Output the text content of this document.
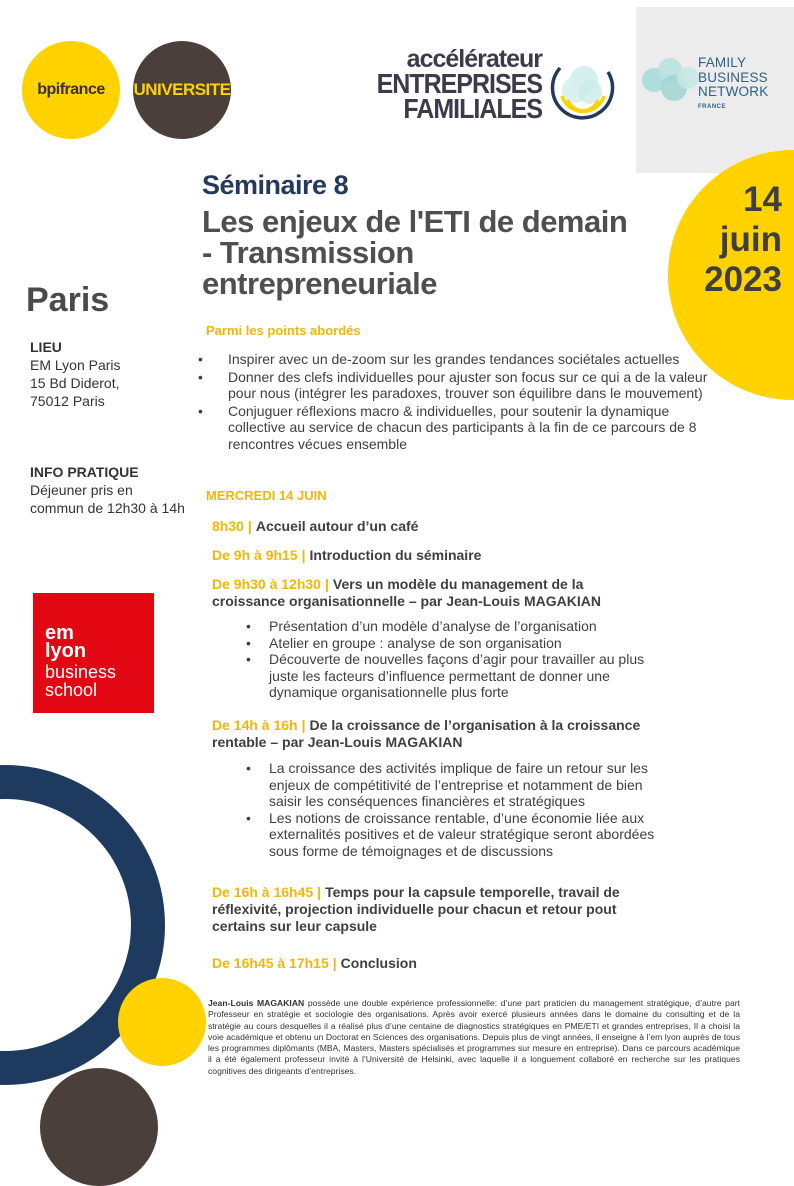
bpifrance UNIVERSITE
accélérateur
ENTREPRISES
FAMILIALES
FAMILY
BUSINESS
NETWORK
FRANCE
14
juin
2023
Séminaire 8
Les enjeux de l'ETI de demain - Transmission entrepreneuriale
Paris
LIEU
EM Lyon Paris
15 Bd Diderot,
75012 Paris
INFO PRATIQUE
Déjeuner pris en commun de 12h30 à 14h
em
lyon
business
school
Parmi les points abordés
• Inspirer avec un de-zoom sur les grandes tendances sociétales actuelles
• Donner des clefs individuelles pour ajuster son focus sur ce qui a de la valeur pour nous (intégrer les paradoxes, trouver son équilibre dans le mouvement)
• Conjuguer réflexions macro & individuelles, pour soutenir la dynamique collective au service de chacun des participants à la fin de ce parcours de 8 rencontres vécues ensemble
MERCREDI 14 JUIN
8h30 | Accueil autour d’un café
De 9h à 9h15 | Introduction du séminaire
De 9h30 à 12h30 | Vers un modèle du management de la croissance organisationnelle – par Jean-Louis MAGAKIAN
• Présentation d’un modèle d’analyse de l’organisation
• Atelier en groupe : analyse de son organisation
• Découverte de nouvelles façons d’agir pour travailler au plus juste les facteurs d’influence permettant de donner une dynamique organisationnelle plus forte
De 14h à 16h | De la croissance de l’organisation à la croissance rentable – par Jean-Louis MAGAKIAN
• La croissance des activités implique de faire un retour sur les enjeux de compétitivité de l’entreprise et notamment de bien saisir les conséquences financières et stratégiques
• Les notions de croissance rentable, d’une économie liée aux externalités positives et de valeur stratégique seront abordées sous forme de témoignages et de discussions
De 16h à 16h45 | Temps pour la capsule temporelle, travail de réflexivité, projection individuelle pour chacun et retour pout certains sur leur capsule
De 16h45 à 17h15 | Conclusion
Jean-Louis MAGAKIAN possède une double expérience professionnelle: d’une part praticien du management stratégique, d’autre part Professeur en stratégie et sociologie des organisations. Après avoir exercé plusieurs années dans le domaine du consulting et de la stratégie au cours desquelles il a réalisé plus d’une centaine de diagnostics stratégiques en PME/ETI et grandes entreprises, Il a choisi la voie académique et obtenu un Doctorat en Sciences des organisations. Depuis plus de vingt années, il enseigne à l’em lyon auprès de tous les programmes diplômants (MBA, Masters, Masters spécialisés et programmes sur mesure en entreprise). Dans ce parcours académique il a été également professeur invité à l’Université de Helsinki, avec laquelle il a longuement collaboré en recherche sur les pratiques cognitives des dirigeants d’entreprises.
